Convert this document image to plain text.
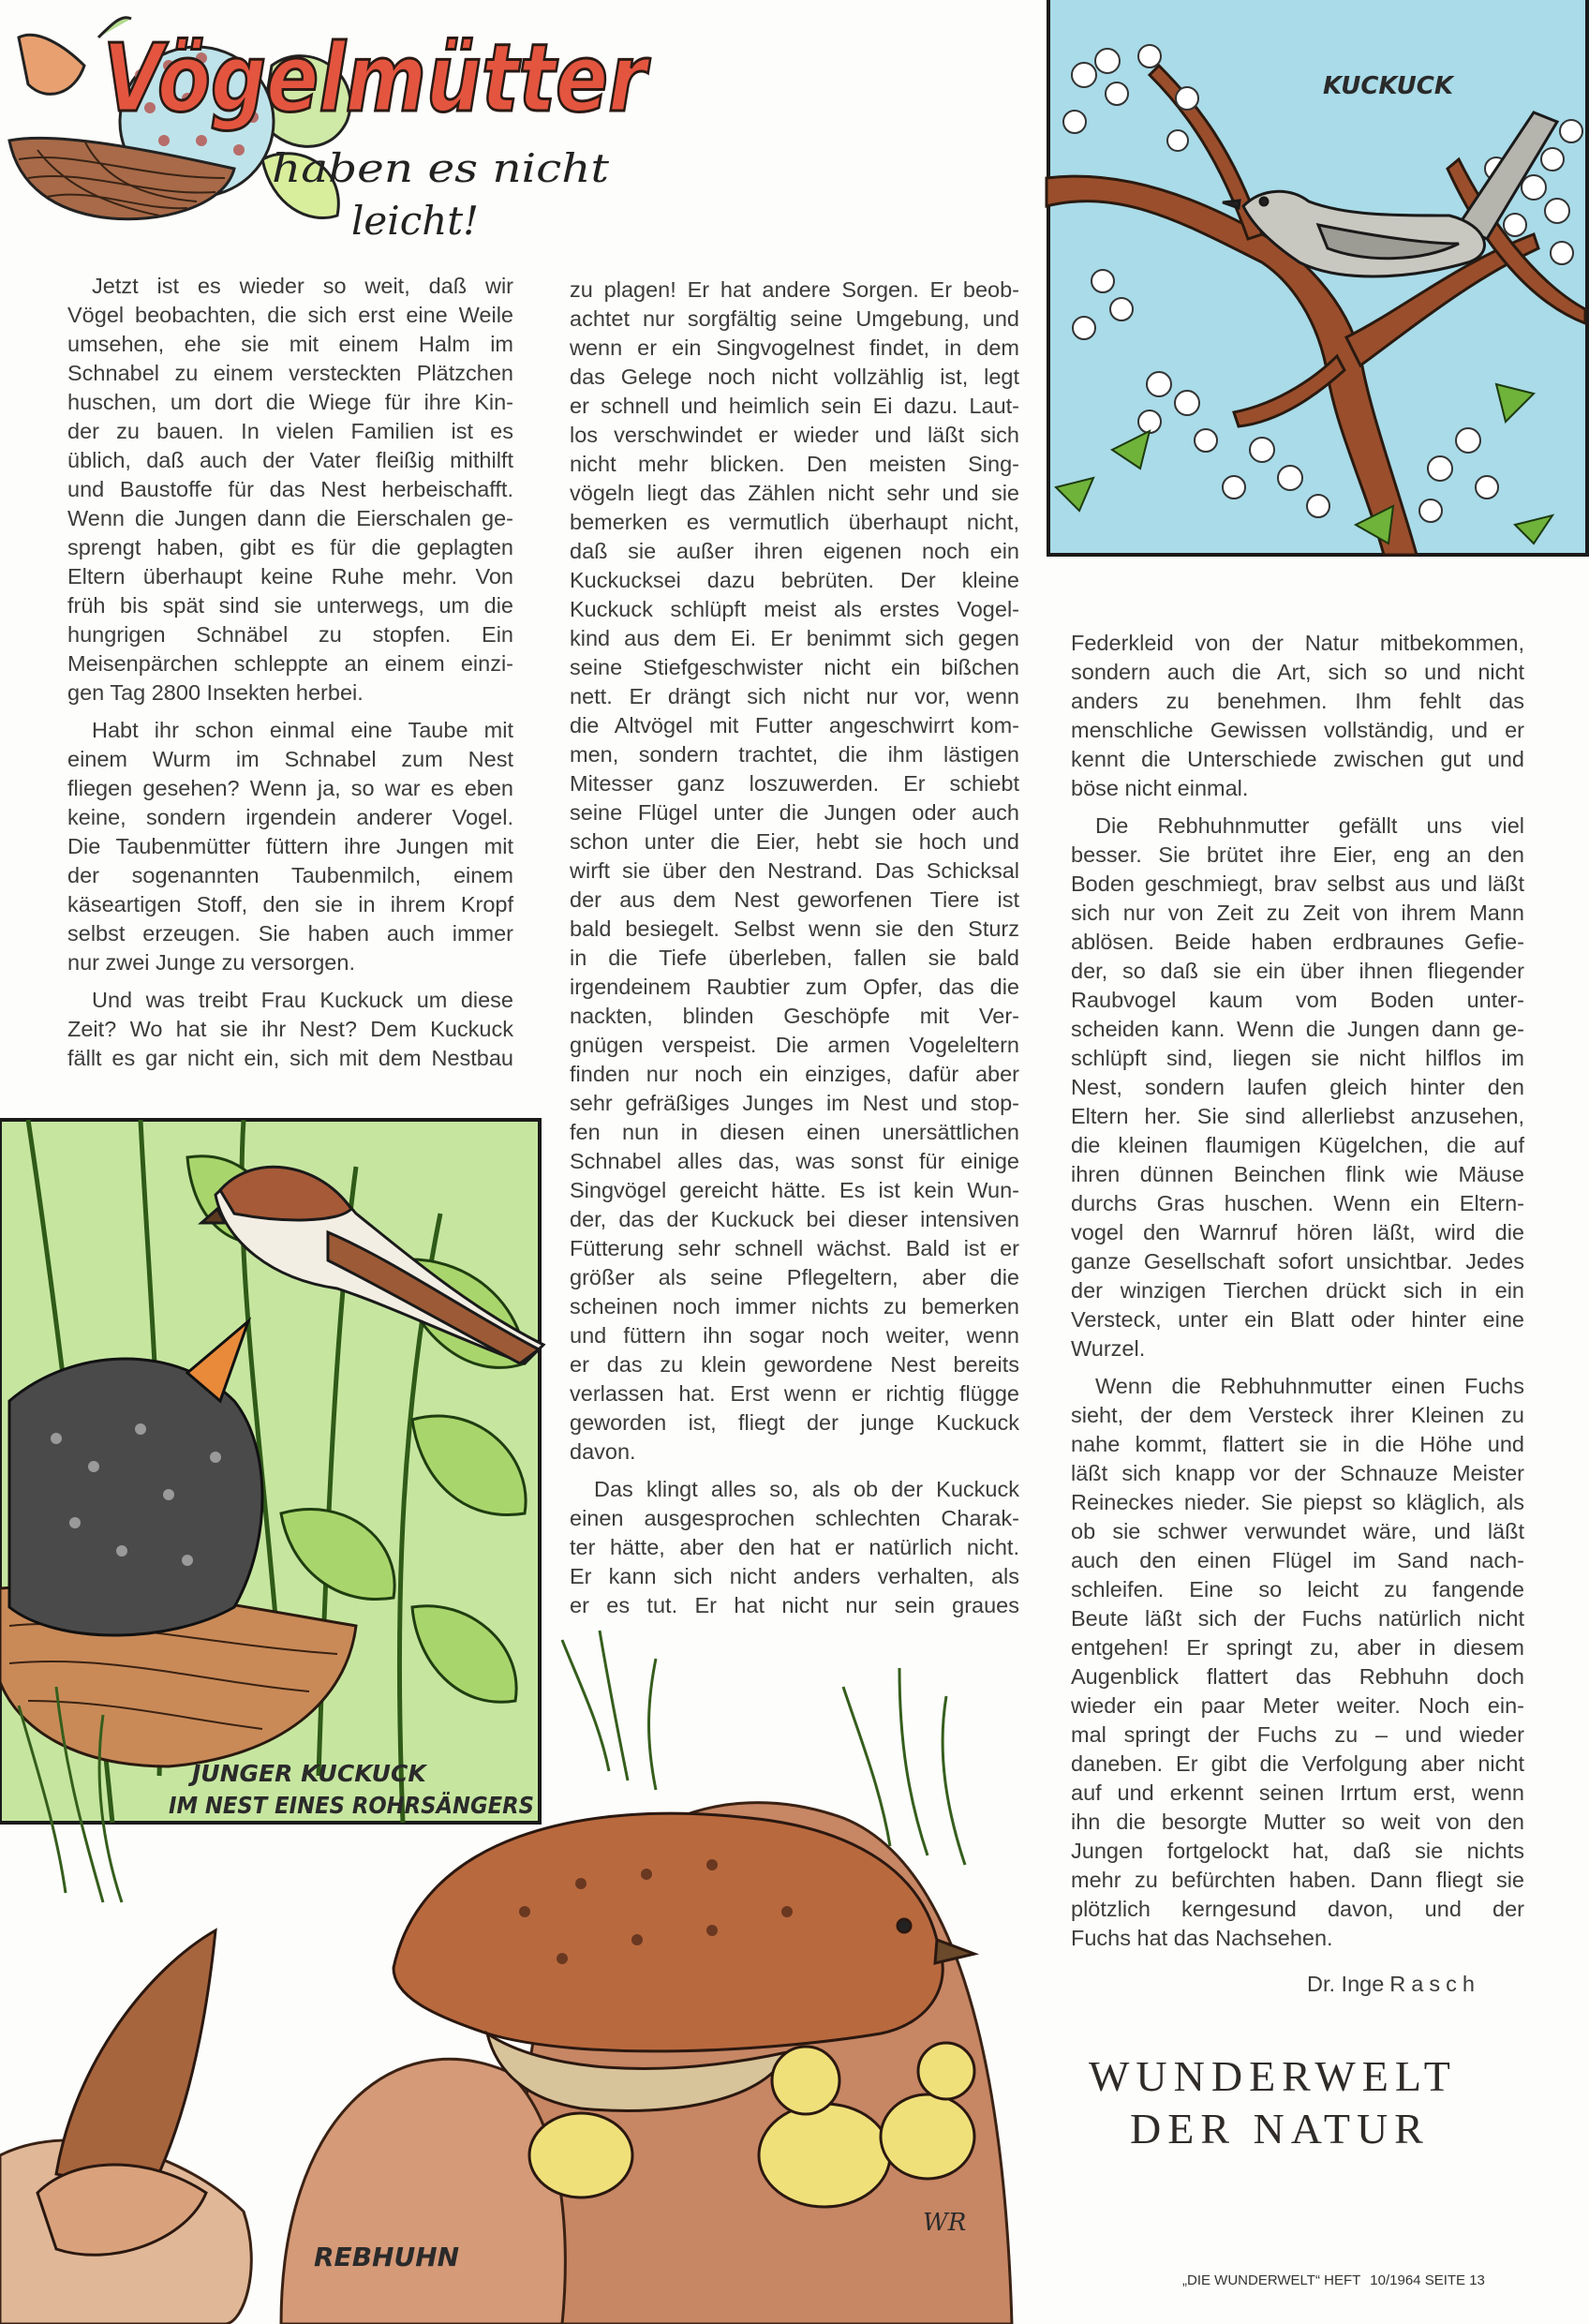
Vögelmütter
haben es nicht
leicht!
KUCKUCK
JUNGER KUCKUCK
IM NEST EINES ROHRSÄNGERS
REBHUHN
WR
Jetzt ist es wieder so weit, daß wir
Vögel beobachten, die sich erst eine Weile
umsehen, ehe sie mit einem Halm im
Schnabel zu einem versteckten Plätzchen
huschen, um dort die Wiege für ihre Kin-
der zu bauen. In vielen Familien ist es
üblich, daß auch der Vater fleißig mithilft
und Baustoffe für das Nest herbeischafft.
Wenn die Jungen dann die Eierschalen ge-
sprengt haben, gibt es für die geplagten
Eltern überhaupt keine Ruhe mehr. Von
früh bis spät sind sie unterwegs, um die
hungrigen Schnäbel zu stopfen. Ein
Meisenpärchen schleppte an einem einzi-
gen Tag 2800 Insekten herbei.
Habt ihr schon einmal eine Taube mit
einem Wurm im Schnabel zum Nest
fliegen gesehen? Wenn ja, so war es eben
keine, sondern irgendein anderer Vogel.
Die Taubenmütter füttern ihre Jungen mit
der sogenannten Taubenmilch, einem
käseartigen Stoff, den sie in ihrem Kropf
selbst erzeugen. Sie haben auch immer
nur zwei Junge zu versorgen.
Und was treibt Frau Kuckuck um diese
Zeit? Wo hat sie ihr Nest? Dem Kuckuck
fällt es gar nicht ein, sich mit dem Nestbau
zu plagen! Er hat andere Sorgen. Er beob-
achtet nur sorgfältig seine Umgebung, und
wenn er ein Singvogelnest findet, in dem
das Gelege noch nicht vollzählig ist, legt
er schnell und heimlich sein Ei dazu. Laut-
los verschwindet er wieder und läßt sich
nicht mehr blicken. Den meisten Sing-
vögeln liegt das Zählen nicht sehr und sie
bemerken es vermutlich überhaupt nicht,
daß sie außer ihren eigenen noch ein
Kuckucksei dazu bebrüten. Der kleine
Kuckuck schlüpft meist als erstes Vogel-
kind aus dem Ei. Er benimmt sich gegen
seine Stiefgeschwister nicht ein bißchen
nett. Er drängt sich nicht nur vor, wenn
die Altvögel mit Futter angeschwirrt kom-
men, sondern trachtet, die ihm lästigen
Mitesser ganz loszuwerden. Er schiebt
seine Flügel unter die Jungen oder auch
schon unter die Eier, hebt sie hoch und
wirft sie über den Nestrand. Das Schicksal
der aus dem Nest geworfenen Tiere ist
bald besiegelt. Selbst wenn sie den Sturz
in die Tiefe überleben, fallen sie bald
irgendeinem Raubtier zum Opfer, das die
nackten, blinden Geschöpfe mit Ver-
gnügen verspeist. Die armen Vogeleltern
finden nur noch ein einziges, dafür aber
sehr gefräßiges Junges im Nest und stop-
fen nun in diesen einen unersättlichen
Schnabel alles das, was sonst für einige
Singvögel gereicht hätte. Es ist kein Wun-
der, das der Kuckuck bei dieser intensiven
Fütterung sehr schnell wächst. Bald ist er
größer als seine Pflegeltern, aber die
scheinen noch immer nichts zu bemerken
und füttern ihn sogar noch weiter, wenn
er das zu klein gewordene Nest bereits
verlassen hat. Erst wenn er richtig flügge
geworden ist, fliegt der junge Kuckuck
davon.
Das klingt alles so, als ob der Kuckuck
einen ausgesprochen schlechten Charak-
ter hätte, aber den hat er natürlich nicht.
Er kann sich nicht anders verhalten, als
er es tut. Er hat nicht nur sein graues
Federkleid von der Natur mitbekommen,
sondern auch die Art, sich so und nicht
anders zu benehmen. Ihm fehlt das
menschliche Gewissen vollständig, und er
kennt die Unterschiede zwischen gut und
böse nicht einmal.
Die Rebhuhnmutter gefällt uns viel
besser. Sie brütet ihre Eier, eng an den
Boden geschmiegt, brav selbst aus und läßt
sich nur von Zeit zu Zeit von ihrem Mann
ablösen. Beide haben erdbraunes Gefie-
der, so daß sie ein über ihnen fliegender
Raubvogel kaum vom Boden unter-
scheiden kann. Wenn die Jungen dann ge-
schlüpft sind, liegen sie nicht hilflos im
Nest, sondern laufen gleich hinter den
Eltern her. Sie sind allerliebst anzusehen,
die kleinen flaumigen Kügelchen, die auf
ihren dünnen Beinchen flink wie Mäuse
durchs Gras huschen. Wenn ein Eltern-
vogel den Warnruf hören läßt, wird die
ganze Gesellschaft sofort unsichtbar. Jedes
der winzigen Tierchen drückt sich in ein
Versteck, unter ein Blatt oder hinter eine
Wurzel.
Wenn die Rebhuhnmutter einen Fuchs
sieht, der dem Versteck ihrer Kleinen zu
nahe kommt, flattert sie in die Höhe und
läßt sich knapp vor der Schnauze Meister
Reineckes nieder. Sie piepst so kläglich, als
ob sie schwer verwundet wäre, und läßt
auch den einen Flügel im Sand nach-
schleifen. Eine so leicht zu fangende
Beute läßt sich der Fuchs natürlich nicht
entgehen! Er springt zu, aber in diesem
Augenblick flattert das Rebhuhn doch
wieder ein paar Meter weiter. Noch ein-
mal springt der Fuchs zu – und wieder
daneben. Er gibt die Verfolgung aber nicht
auf und erkennt seinen Irrtum erst, wenn
ihn die besorgte Mutter so weit von den
Jungen fortgelockt hat, daß sie nichts
mehr zu befürchten haben. Dann fliegt sie
plötzlich kerngesund davon, und der
Fuchs hat das Nachsehen.
Dr. Inge Rasch
WUNDERWELT
DER NATUR
„DIE WUNDERWELT“ HEFT 10/1964 SEITE 13
